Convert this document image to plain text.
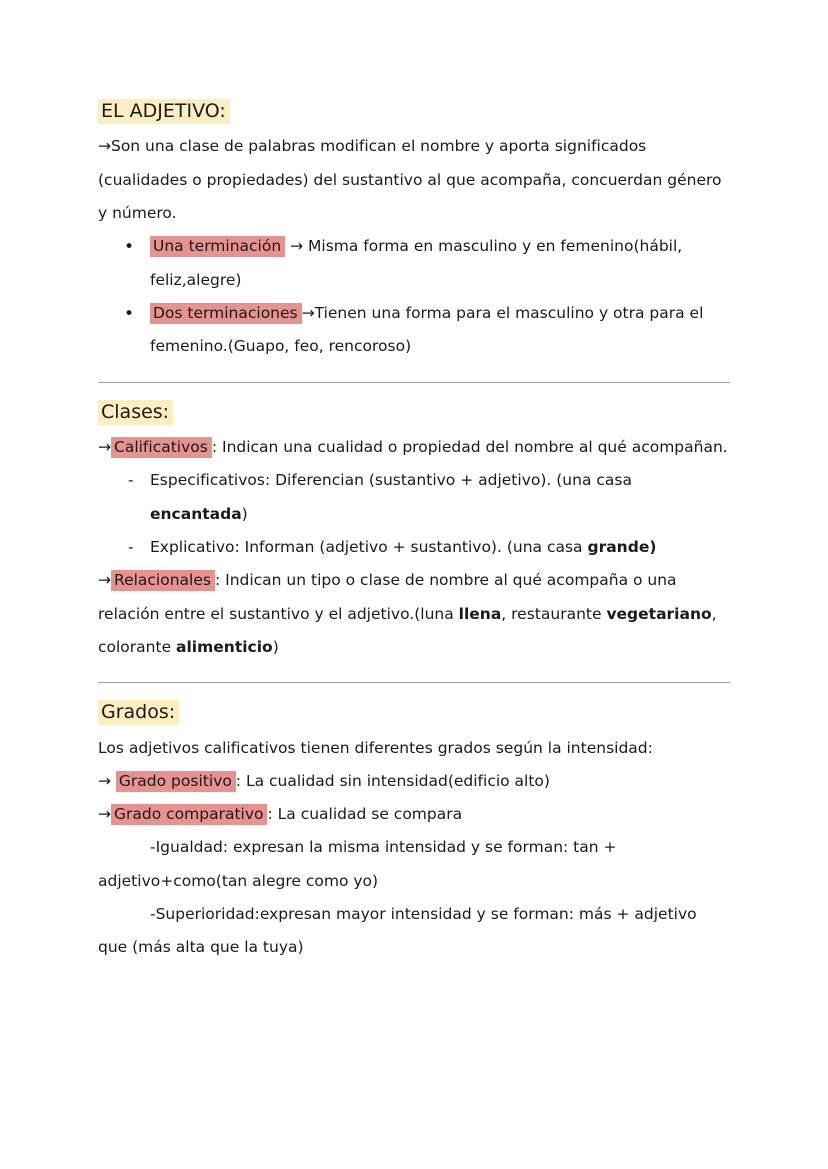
EL ADJETIVO:

→Son una clase de palabras modifican el nombre y aporta significados (cualidades o propiedades) del sustantivo al que acompaña, concuerdan género y número.

• Una terminación → Misma forma en masculino y en femenino(hábil, feliz,alegre)
• Dos terminaciones →Tienen una forma para el masculino y otra para el femenino.(Guapo, feo, rencoroso)
Clases:

→ Calificativos : Indican una cualidad o propiedad del nombre al qué acompañan.

- Especificativos: Diferencian (sustantivo + adjetivo). (una casa encantada)
- Explicativo: Informan (adjetivo + sustantivo). (una casa grande)

→ Relacionales : Indican un tipo o clase de nombre al qué acompaña o una relación entre el sustantivo y el adjetivo.(luna llena, restaurante vegetariano, colorante alimenticio)

Grados:

Los adjetivos calificativos tienen diferentes grados según la intensidad:

→ Grado positivo : La cualidad sin intensidad(edificio alto)

→ Grado comparativo : La cualidad se compara

-Igualdad: expresan la misma intensidad y se forman: tan + adjetivo+como(tan alegre como yo)
-Superioridad:expresan mayor intensidad y se forman: más + adjetivo que (más alta que la tuya)
